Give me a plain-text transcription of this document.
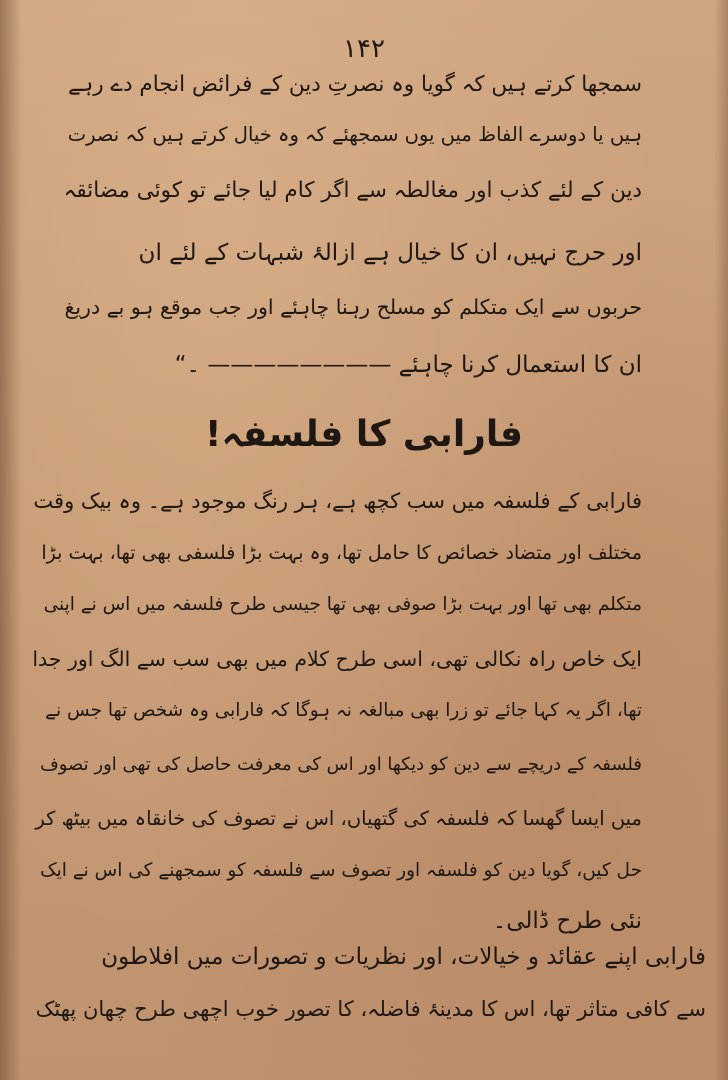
۱۴۲
سمجھا کرتے ہیں کہ گویا وہ نصرتِ دین کے فرائض انجام دے رہے
ہیں یا دوسرے الفاظ میں یوں سمجھئے کہ وہ خیال کرتے ہیں کہ نصرت
دین کے لئے کذب اور مغالطہ سے اگر کام لیا جائے تو کوئی مضائقہ
اور حرج نہیں، ان کا خیال ہے ازالۂ شبہات کے لئے ان
حربوں سے ایک متکلم کو مسلح رہنا چاہئے اور جب موقع ہو بے دریغ
ان کا استعمال کرنا چاہئے ———————— ۔“
فارابی کا فلسفہ!
فارابی کے فلسفہ میں سب کچھ ہے، ہر رنگ موجود ہے۔ وہ بیک وقت
مختلف اور متضاد خصائص کا حامل تھا، وہ بہت بڑا فلسفی بھی تھا، بہت بڑا
متکلم بھی تھا اور بہت بڑا صوفی بھی تھا جیسی طرح فلسفہ میں اس نے اپنی
ایک خاص راہ نکالی تھی، اسی طرح کلام میں بھی سب سے الگ اور جدا
تھا، اگر یہ کہا جائے تو زرا بھی مبالغہ نہ ہوگا کہ فارابی وہ شخص تھا جس نے
فلسفہ کے دریچے سے دین کو دیکھا اور اس کی معرفت حاصل کی تھی اور تصوف
میں ایسا گھسا کہ فلسفہ کی گتھیاں، اس نے تصوف کی خانقاہ میں بیٹھ کر
حل کیں، گویا دین کو فلسفہ اور تصوف سے فلسفہ کو سمجھنے کی اس نے ایک
نئی طرح ڈالی۔
فارابی اپنے عقائد و خیالات، اور نظریات و تصورات میں افلاطون
سے کافی متاثر تھا، اس کا مدینۂ فاضلہ، کا تصور خوب اچھی طرح چھان پھٹک
